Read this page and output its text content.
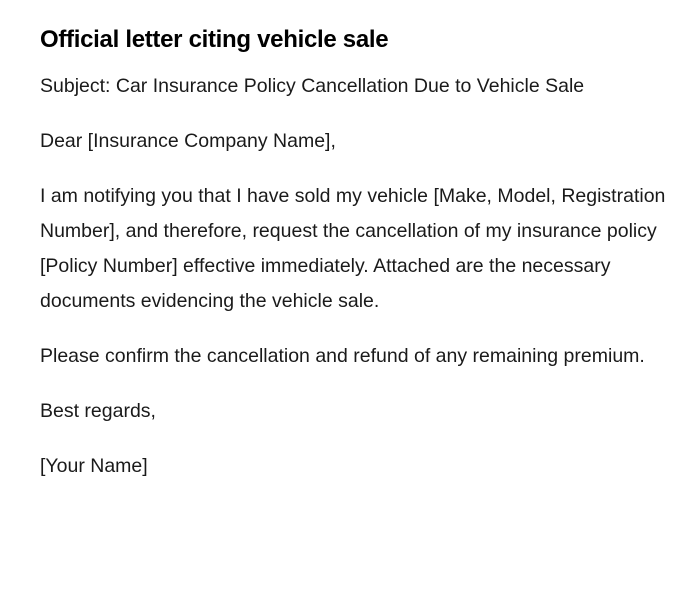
Official letter citing vehicle sale

Subject: Car Insurance Policy Cancellation Due to Vehicle Sale

Dear [Insurance Company Name],

I am notifying you that I have sold my vehicle [Make, Model, Registration Number], and therefore, request the cancellation of my insurance policy [Policy Number] effective immediately. Attached are the necessary documents evidencing the vehicle sale.

Please confirm the cancellation and refund of any remaining premium.

Best regards,

[Your Name]
